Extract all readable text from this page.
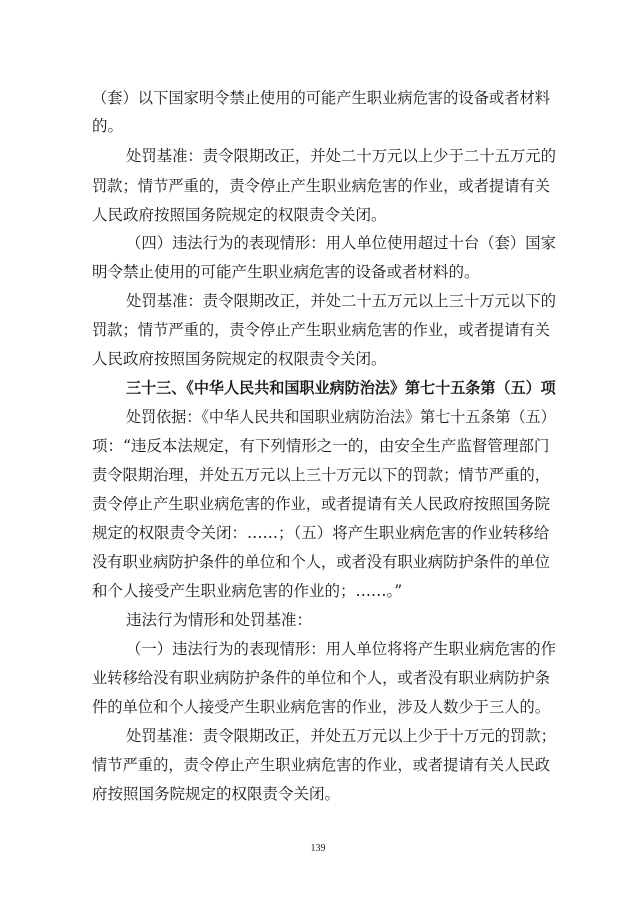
（套）以下国家明令禁止使用的可能产生职业病危害的设备或者材料
的。
处罚基准：责令限期改正，并处二十万元以上少于二十五万元的
罚款；情节严重的，责令停止产生职业病危害的作业，或者提请有关
人民政府按照国务院规定的权限责令关闭。
（四）违法行为的表现情形：用人单位使用超过十台（套）国家
明令禁止使用的可能产生职业病危害的设备或者材料的。
处罚基准：责令限期改正，并处二十五万元以上三十万元以下的
罚款；情节严重的，责令停止产生职业病危害的作业，或者提请有关
人民政府按照国务院规定的权限责令关闭。
三十三、《中华人民共和国职业病防治法》第七十五条第（五）项
处罚依据：《中华人民共和国职业病防治法》第七十五条第（五）
项：“违反本法规定，有下列情形之一的，由安全生产监督管理部门
责令限期治理，并处五万元以上三十万元以下的罚款；情节严重的，
责令停止产生职业病危害的作业，或者提请有关人民政府按照国务院
规定的权限责令关闭：……；（五）将产生职业病危害的作业转移给
没有职业病防护条件的单位和个人，或者没有职业病防护条件的单位
和个人接受产生职业病危害的作业的；……。”
违法行为情形和处罚基准：
（一）违法行为的表现情形：用人单位将将产生职业病危害的作
业转移给没有职业病防护条件的单位和个人，或者没有职业病防护条
件的单位和个人接受产生职业病危害的作业，涉及人数少于三人的。
处罚基准：责令限期改正，并处五万元以上少于十万元的罚款；
情节严重的，责令停止产生职业病危害的作业，或者提请有关人民政
府按照国务院规定的权限责令关闭。
139
